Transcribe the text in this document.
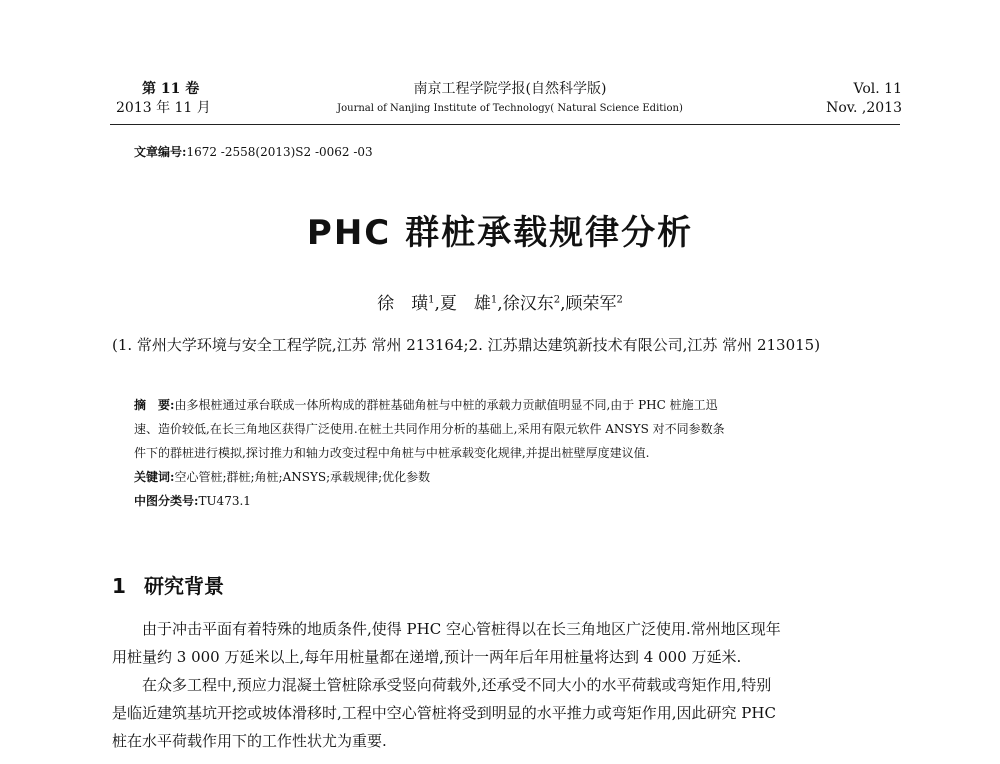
第 11 卷
2013 年 11 月
南京工程学院学报(自然科学版)
Journal of Nanjing Institute of Technology( Natural Science Edition)
Vol. 11
Nov. ,2013
文章编号:1672 -2558(2013)S2 -0062 -03
PHC 群桩承载规律分析
徐　璜$^1$,夏　雄$^1$,徐汉东$^2$,顾荣军$^2$
(1. 常州大学环境与安全工程学院,江苏 常州 213164;2. 江苏鼎达建筑新技术有限公司,江苏 常州 213015)
摘　要:由多根桩通过承台联成一体所构成的群桩基础角桩与中桩的承载力贡献值明显不同,由于 PHC 桩施工迅
速、造价较低,在长三角地区获得广泛使用.在桩土共同作用分析的基础上,采用有限元软件 ANSYS 对不同参数条
件下的群桩进行模拟,探讨推力和轴力改变过程中角桩与中桩承载变化规律,并提出桩壁厚度建议值.
关键词:空心管桩;群桩;角桩;ANSYS;承载规律;优化参数
中图分类号:TU473.1
1 研究背景
由于冲击平面有着特殊的地质条件,使得 PHC 空心管桩得以在长三角地区广泛使用.常州地区现年
用桩量约 3 000 万延米以上,每年用桩量都在递增,预计一两年后年用桩量将达到 4 000 万延米.
在众多工程中,预应力混凝土管桩除承受竖向荷载外,还承受不同大小的水平荷载或弯矩作用,特别
是临近建筑基坑开挖或坡体滑移时,工程中空心管桩将受到明显的水平推力或弯矩作用,因此研究 PHC
桩在水平荷载作用下的工作性状尤为重要.
